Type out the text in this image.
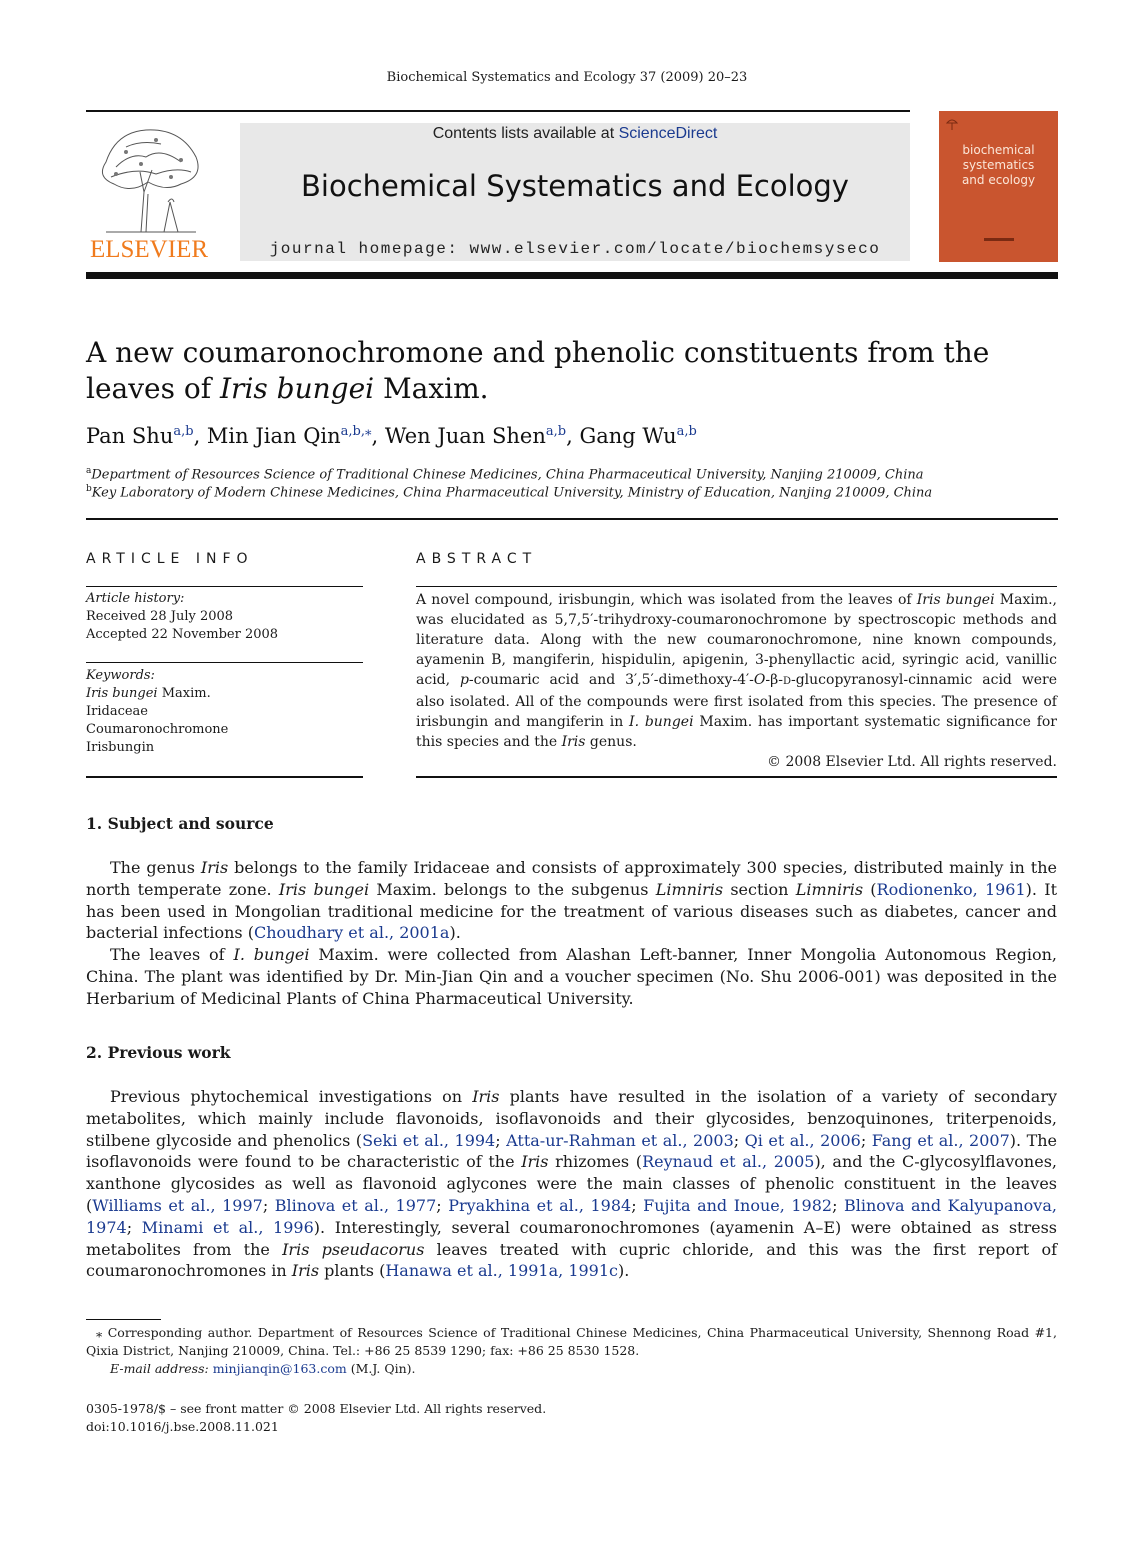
Biochemical Systematics and Ecology 37 (2009) 20–23
ELSEVIER
Contents lists available at ScienceDirect
Biochemical Systematics and Ecology
journal homepage: www.elsevier.com/locate/biochemsyseco
biochemical
systematics
and ecology
A new coumaronochromone and phenolic constituents from the leaves of Iris bungei Maxim.
Pan Shu$^{a,b}$, Min Jian Qin$^{a,b,⁎}$, Wen Juan Shen$^{a,b}$, Gang Wu$^{a,b}$
$^a$Department of Resources Science of Traditional Chinese Medicines, China Pharmaceutical University, Nanjing 210009, China
$^b$Key Laboratory of Modern Chinese Medicines, China Pharmaceutical University, Ministry of Education, Nanjing 210009, China
ARTICLE INFO
Article history:
Received 28 July 2008
Accepted 22 November 2008
Keywords:
Iris bungei Maxim.
Iridaceae
Coumaronochromone
Irisbungin
ABSTRACT
A novel compound, irisbungin, which was isolated from the leaves of Iris bungei Maxim., was elucidated as 5,7,5′-trihydroxy-coumaronochromone by spectroscopic methods and literature data. Along with the new coumaronochromone, nine known compounds, ayamenin B, mangiferin, hispidulin, apigenin, 3-phenyllactic acid, syringic acid, vanillic acid, p-coumaric acid and 3′,5′-dimethoxy-4′-O-β-D-glucopyranosyl-cinnamic acid were also isolated. All of the compounds were first isolated from this species. The presence of irisbungin and mangiferin in I. bungei Maxim. has important systematic significance for this species and the Iris genus.
© 2008 Elsevier Ltd. All rights reserved.
1. Subject and source

The genus Iris belongs to the family Iridaceae and consists of approximately 300 species, distributed mainly in the north temperate zone. Iris bungei Maxim. belongs to the subgenus Limniris section Limniris (Rodionenko, 1961). It has been used in Mongolian traditional medicine for the treatment of various diseases such as diabetes, cancer and bacterial infections (Choudhary et al., 2001a).

The leaves of I. bungei Maxim. were collected from Alashan Left-banner, Inner Mongolia Autonomous Region, China. The plant was identified by Dr. Min-Jian Qin and a voucher specimen (No. Shu 2006-001) was deposited in the Herbarium of Medicinal Plants of China Pharmaceutical University.

2. Previous work

Previous phytochemical investigations on Iris plants have resulted in the isolation of a variety of secondary metabolites, which mainly include flavonoids, isoflavonoids and their glycosides, benzoquinones, triterpenoids, stilbene glycoside and phenolics (Seki et al., 1994; Atta-ur-Rahman et al., 2003; Qi et al., 2006; Fang et al., 2007). The isoflavonoids were found to be characteristic of the Iris rhizomes (Reynaud et al., 2005), and the C-glycosylflavones, xanthone glycosides as well as flavonoid aglycones were the main classes of phenolic constituent in the leaves (Williams et al., 1997; Blinova et al., 1977; Pryakhina et al., 1984; Fujita and Inoue, 1982; Blinova and Kalyupanova, 1974; Minami et al., 1996). Interestingly, several coumaronochromones (ayamenin A–E) were obtained as stress metabolites from the Iris pseudacorus leaves treated with cupric chloride, and this was the first report of coumaronochromones in Iris plants (Hanawa et al., 1991a, 1991c).

⁎ Corresponding author. Department of Resources Science of Traditional Chinese Medicines, China Pharmaceutical University, Shennong Road #1, Qixia District, Nanjing 210009, China. Tel.: +86 25 8539 1290; fax: +86 25 8530 1528.
E-mail address: minjianqin@163.com (M.J. Qin).
0305-1978/$ – see front matter © 2008 Elsevier Ltd. All rights reserved.
doi:10.1016/j.bse.2008.11.021
